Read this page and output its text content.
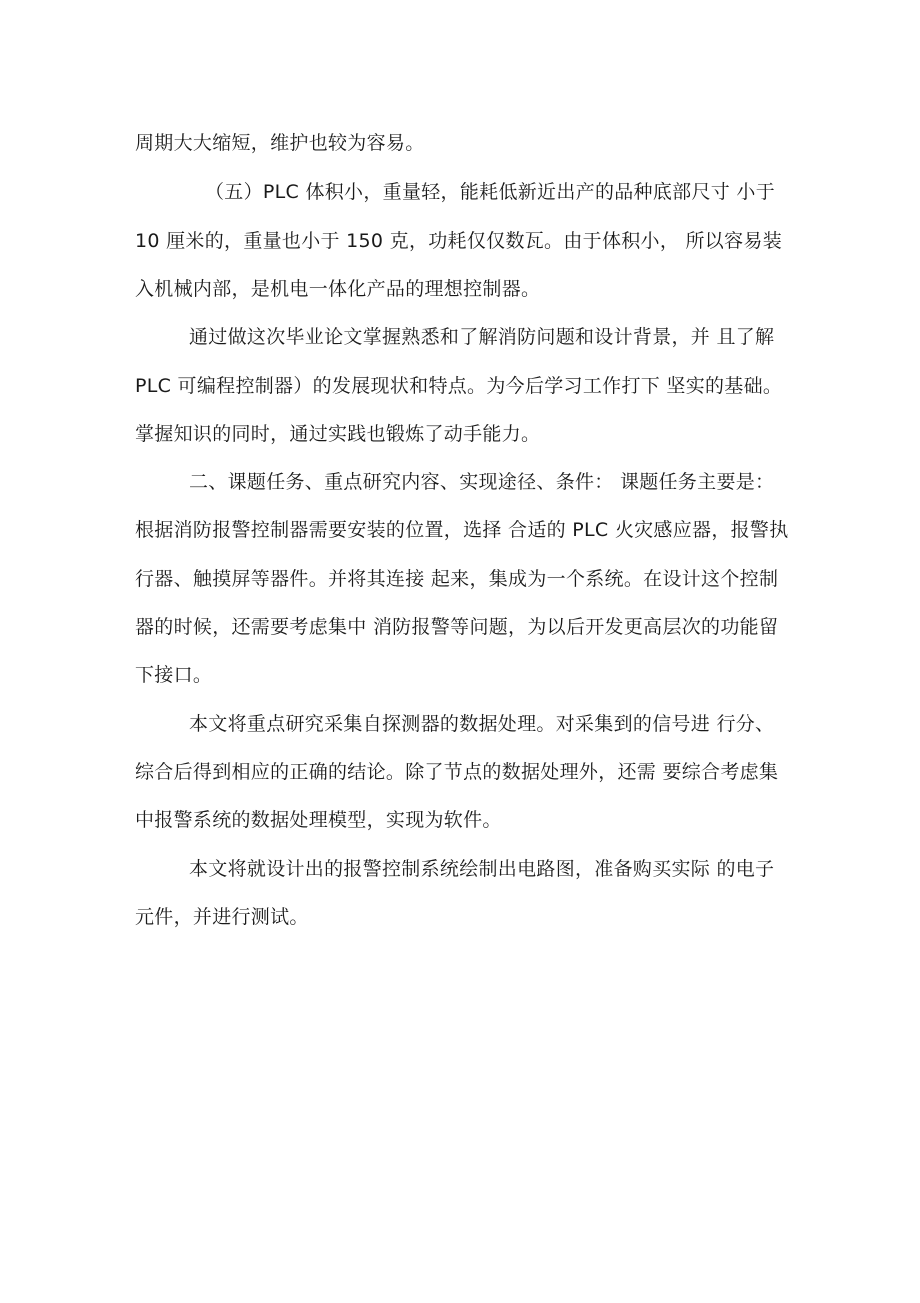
周期大大缩短，维护也较为容易。
（五）PLC 体积小，重量轻，能耗低新近出产的品种底部尺寸 小于
10 厘米的，重量也小于 150 克，功耗仅仅数瓦。由于体积小， 所以容易装
入机械内部，是机电一体化产品的理想控制器。
通过做这次毕业论文掌握熟悉和了解消防问题和设计背景，并 且了解
PLC 可编程控制器）的发展现状和特点。为今后学习工作打下 坚实的基础。
掌握知识的同时，通过实践也锻炼了动手能力。
二、课题任务、重点研究内容、实现途径、条件： 课题任务主要是：
根据消防报警控制器需要安装的位置，选择 合适的 PLC 火灾感应器，报警执
行器、触摸屏等器件。并将其连接 起来，集成为一个系统。在设计这个控制
器的时候，还需要考虑集中 消防报警等问题，为以后开发更高层次的功能留
下接口。
本文将重点研究采集自探测器的数据处理。对采集到的信号进 行分、
综合后得到相应的正确的结论。除了节点的数据处理外，还需 要综合考虑集
中报警系统的数据处理模型，实现为软件。
本文将就设计出的报警控制系统绘制出电路图，准备购买实际 的电子
元件，并进行测试。
